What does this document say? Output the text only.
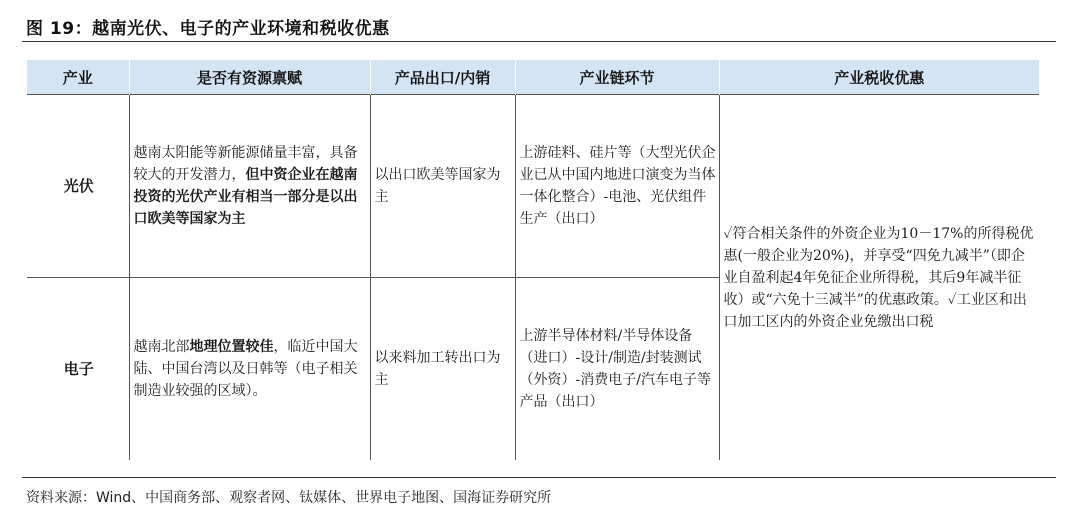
图 19：越南光伏、电子的产业环境和税收优惠
产业	是否有资源禀赋	产品出口/内销	产业链环节	产业税收优惠
光伏	越南太阳能等新能源储量丰富，具备较大的开发潜力，但中资企业在越南投资的光伏产业有相当一部分是以出口欧美等国家为主	以出口欧美等国家为主	上游硅料、硅片等（大型光伏企业已从中国内地进口演变为当体一体化整合）-电池、光伏组件生产（出口）	✓符合相关条件的外资企业为10－17%的所得税优惠(一般企业为20%)，并享受“四免九减半”（即企业自盈利起4年免征企业所得税，其后9年减半征收）或“六免十三减半”的优惠政策。✓工业区和出口加工区内的外资企业免缴出口税
电子	越南北部地理位置较佳，临近中国大陆、中国台湾以及日韩等（电子相关制造业较强的区域）。	以来料加工转出口为主	上游半导体材料/半导体设备（进口）-设计/制造/封装测试（外资）-消费电子/汽车电子等产品（出口）	
资料来源：Wind、中国商务部、观察者网、钛媒体、世界电子地图、国海证券研究所
